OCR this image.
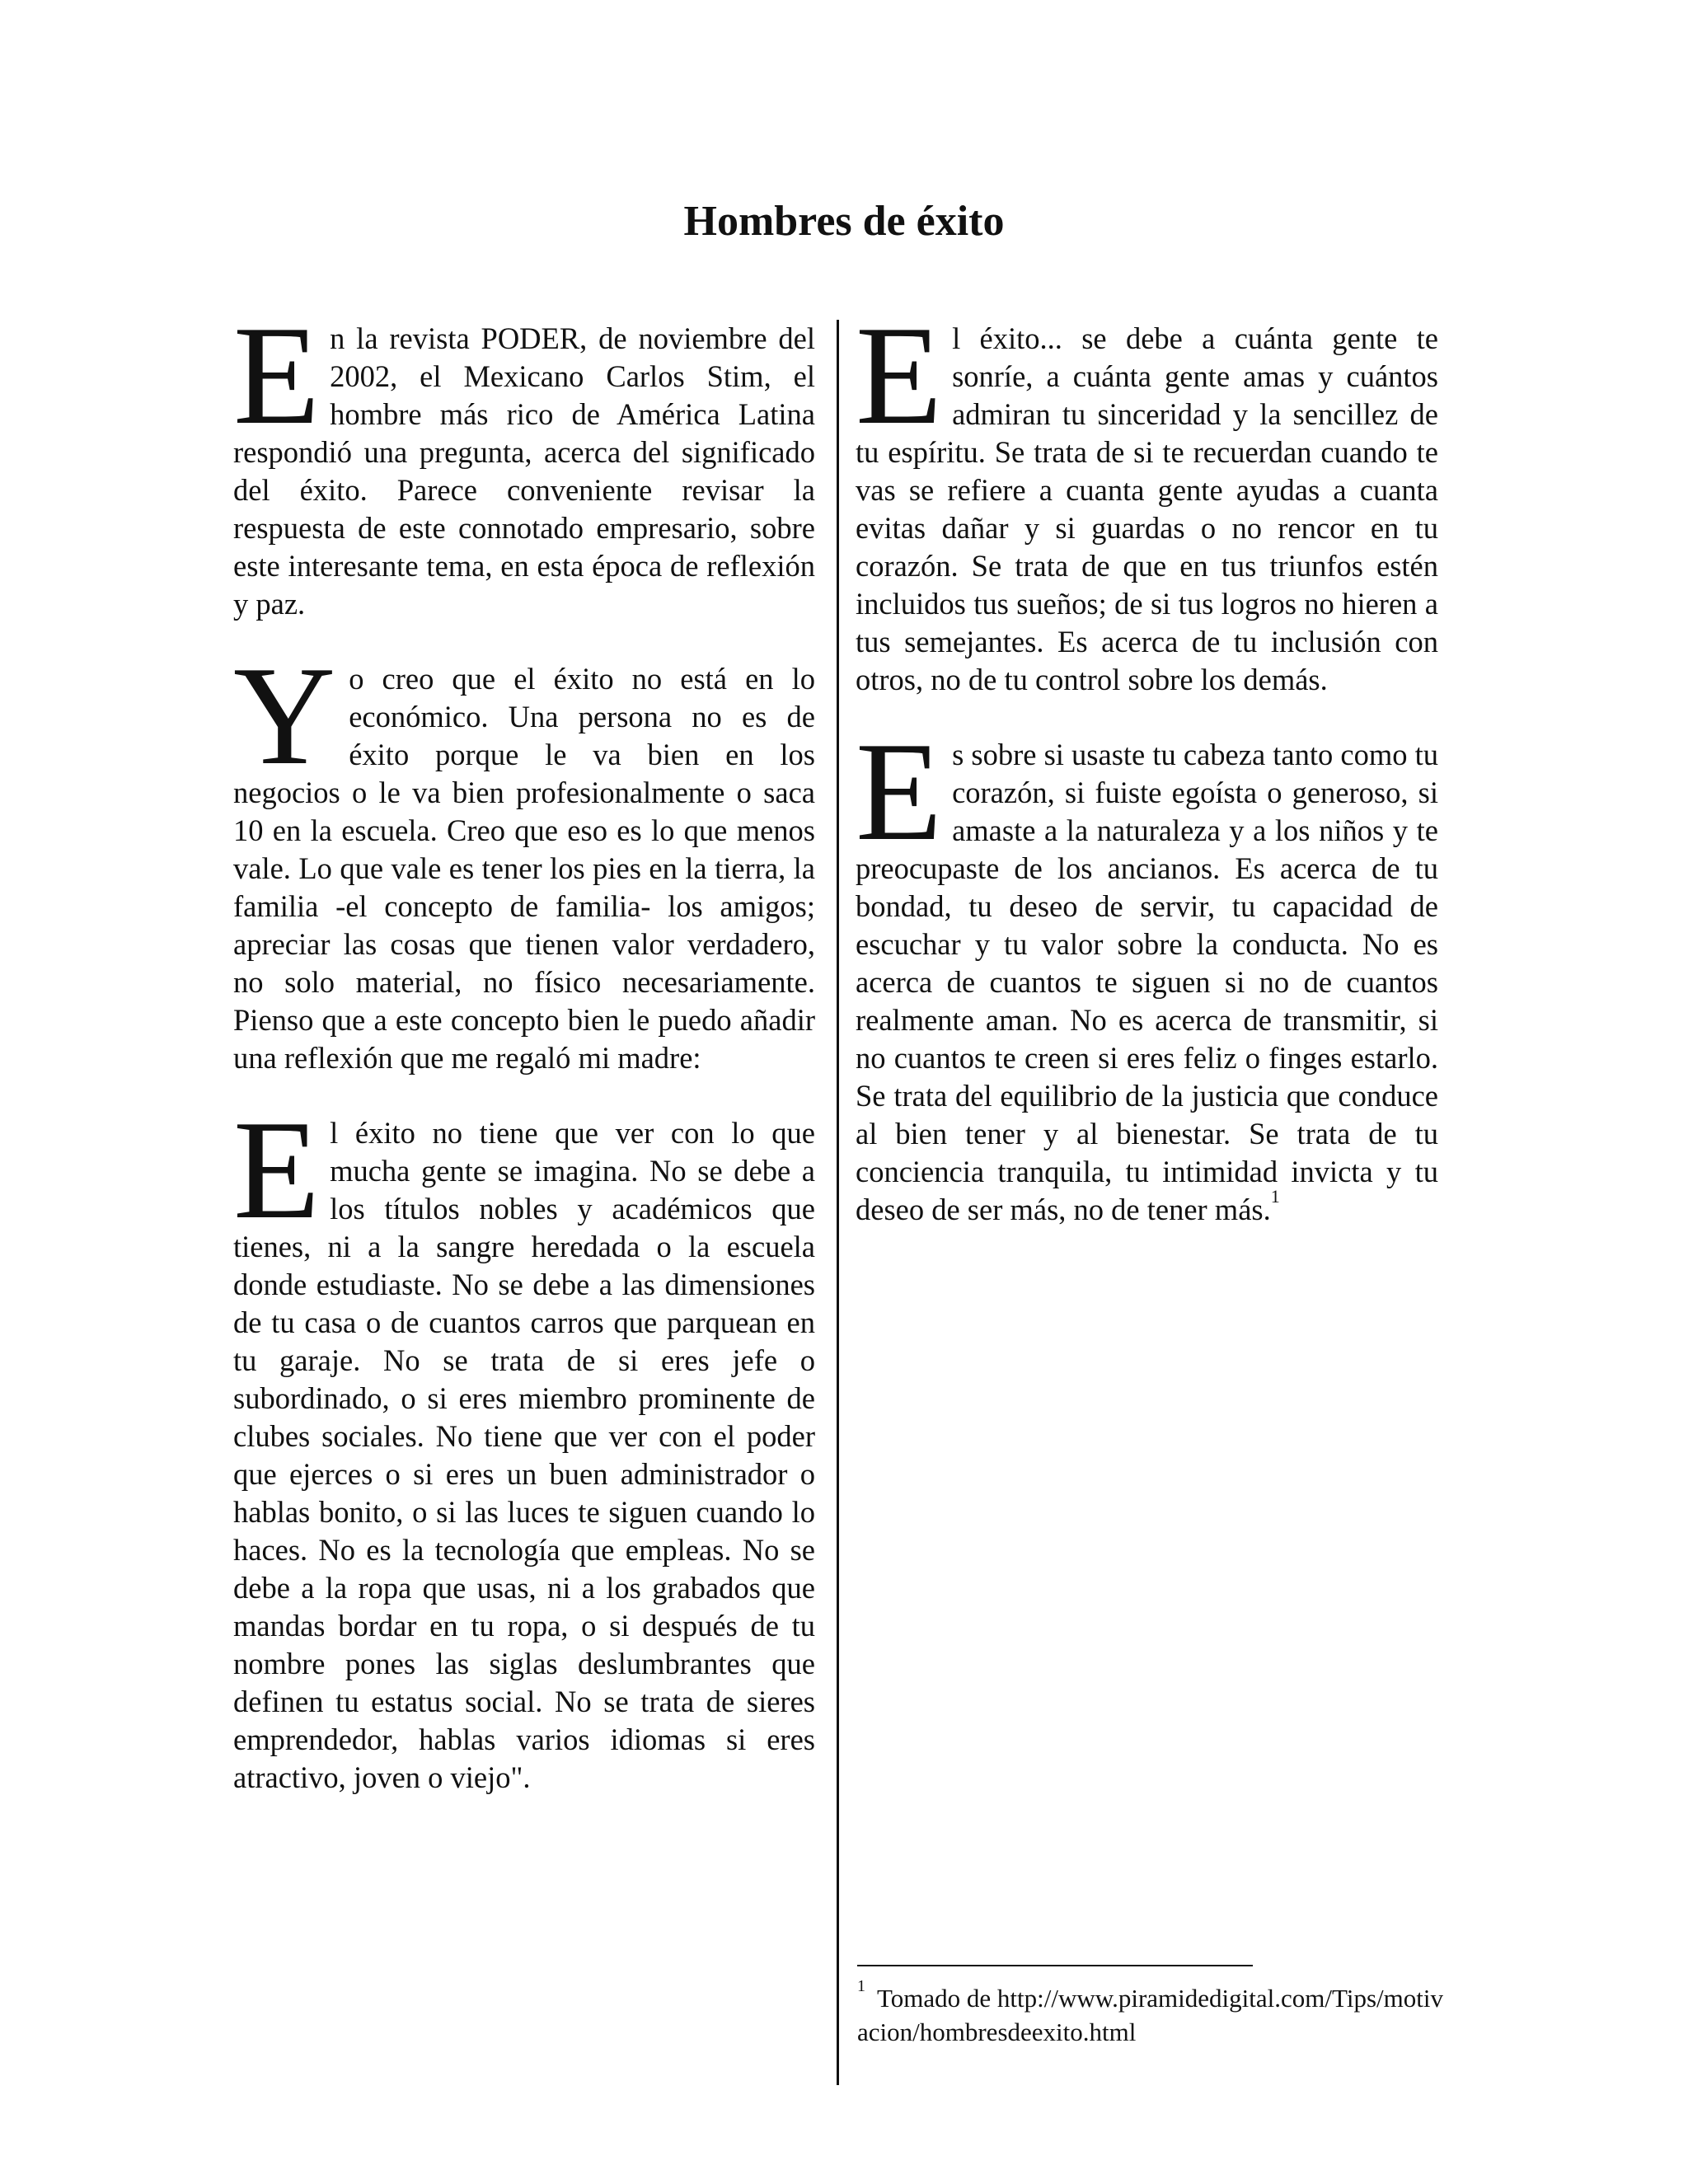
Hombres de éxito

En la revista PODER, de noviembre del 2002, el Mexicano Carlos Stim, el hombre más rico de América Latina respondió una pregunta, acerca del significado del éxito. Parece conveniente revisar la respuesta de este connotado empresario, sobre este interesante tema, en esta época de reflexión y paz.

Yo creo que el éxito no está en lo económico. Una persona no es de éxito porque le va bien en los negocios o le va bien profesionalmente o saca 10 en la escuela. Creo que eso es lo que menos vale. Lo que vale es tener los pies en la tierra, la familia -el concepto de familia- los amigos; apreciar las cosas que tienen valor verdadero, no solo material, no físico necesariamente. Pienso que a este concepto bien le puedo añadir una reflexión que me regaló mi madre:

El éxito no tiene que ver con lo que mucha gente se imagina. No se debe a los títulos nobles y académicos que tienes, ni a la sangre heredada o la escuela donde estudiaste. No se debe a las dimensiones de tu casa o de cuantos carros que parquean en tu garaje. No se trata de si eres jefe o subordinado, o si eres miembro prominente de clubes sociales. No tiene que ver con el poder que ejerces o si eres un buen administrador o hablas bonito, o si las luces te siguen cuando lo haces. No es la tecnología que empleas. No se debe a la ropa que usas, ni a los grabados que mandas bordar en tu ropa, o si después de tu nombre pones las siglas deslumbrantes que definen tu estatus social. No se trata de sieres emprendedor, hablas varios idiomas si eres atractivo, joven o viejo".

El éxito... se debe a cuánta gente te sonríe, a cuánta gente amas y cuántos admiran tu sinceridad y la sencillez de tu espíritu. Se trata de si te recuerdan cuando te vas se refiere a cuanta gente ayudas a cuanta evitas dañar y si guardas o no rencor en tu corazón. Se trata de que en tus triunfos estén incluidos tus sueños; de si tus logros no hieren a tus semejantes. Es acerca de tu inclusión con otros, no de tu control sobre los demás.

Es sobre si usaste tu cabeza tanto como tu corazón, si fuiste egoísta o generoso, si amaste a la naturaleza y a los niños y te preocupaste de los ancianos. Es acerca de tu bondad, tu deseo de servir, tu capacidad de escuchar y tu valor sobre la conducta. No es acerca de cuantos te siguen si no de cuantos realmente aman. No es acerca de transmitir, si no cuantos te creen si eres feliz o finges estarlo. Se trata del equilibrio de la justicia que conduce al bien tener y al bienestar. Se trata de tu conciencia tranquila, tu intimidad invicta y tu deseo de ser más, no de tener más.$^1$

$^1$ Tomado de http://www.piramidedigital.com/Tips/motivacion/hombresdeexito.html
